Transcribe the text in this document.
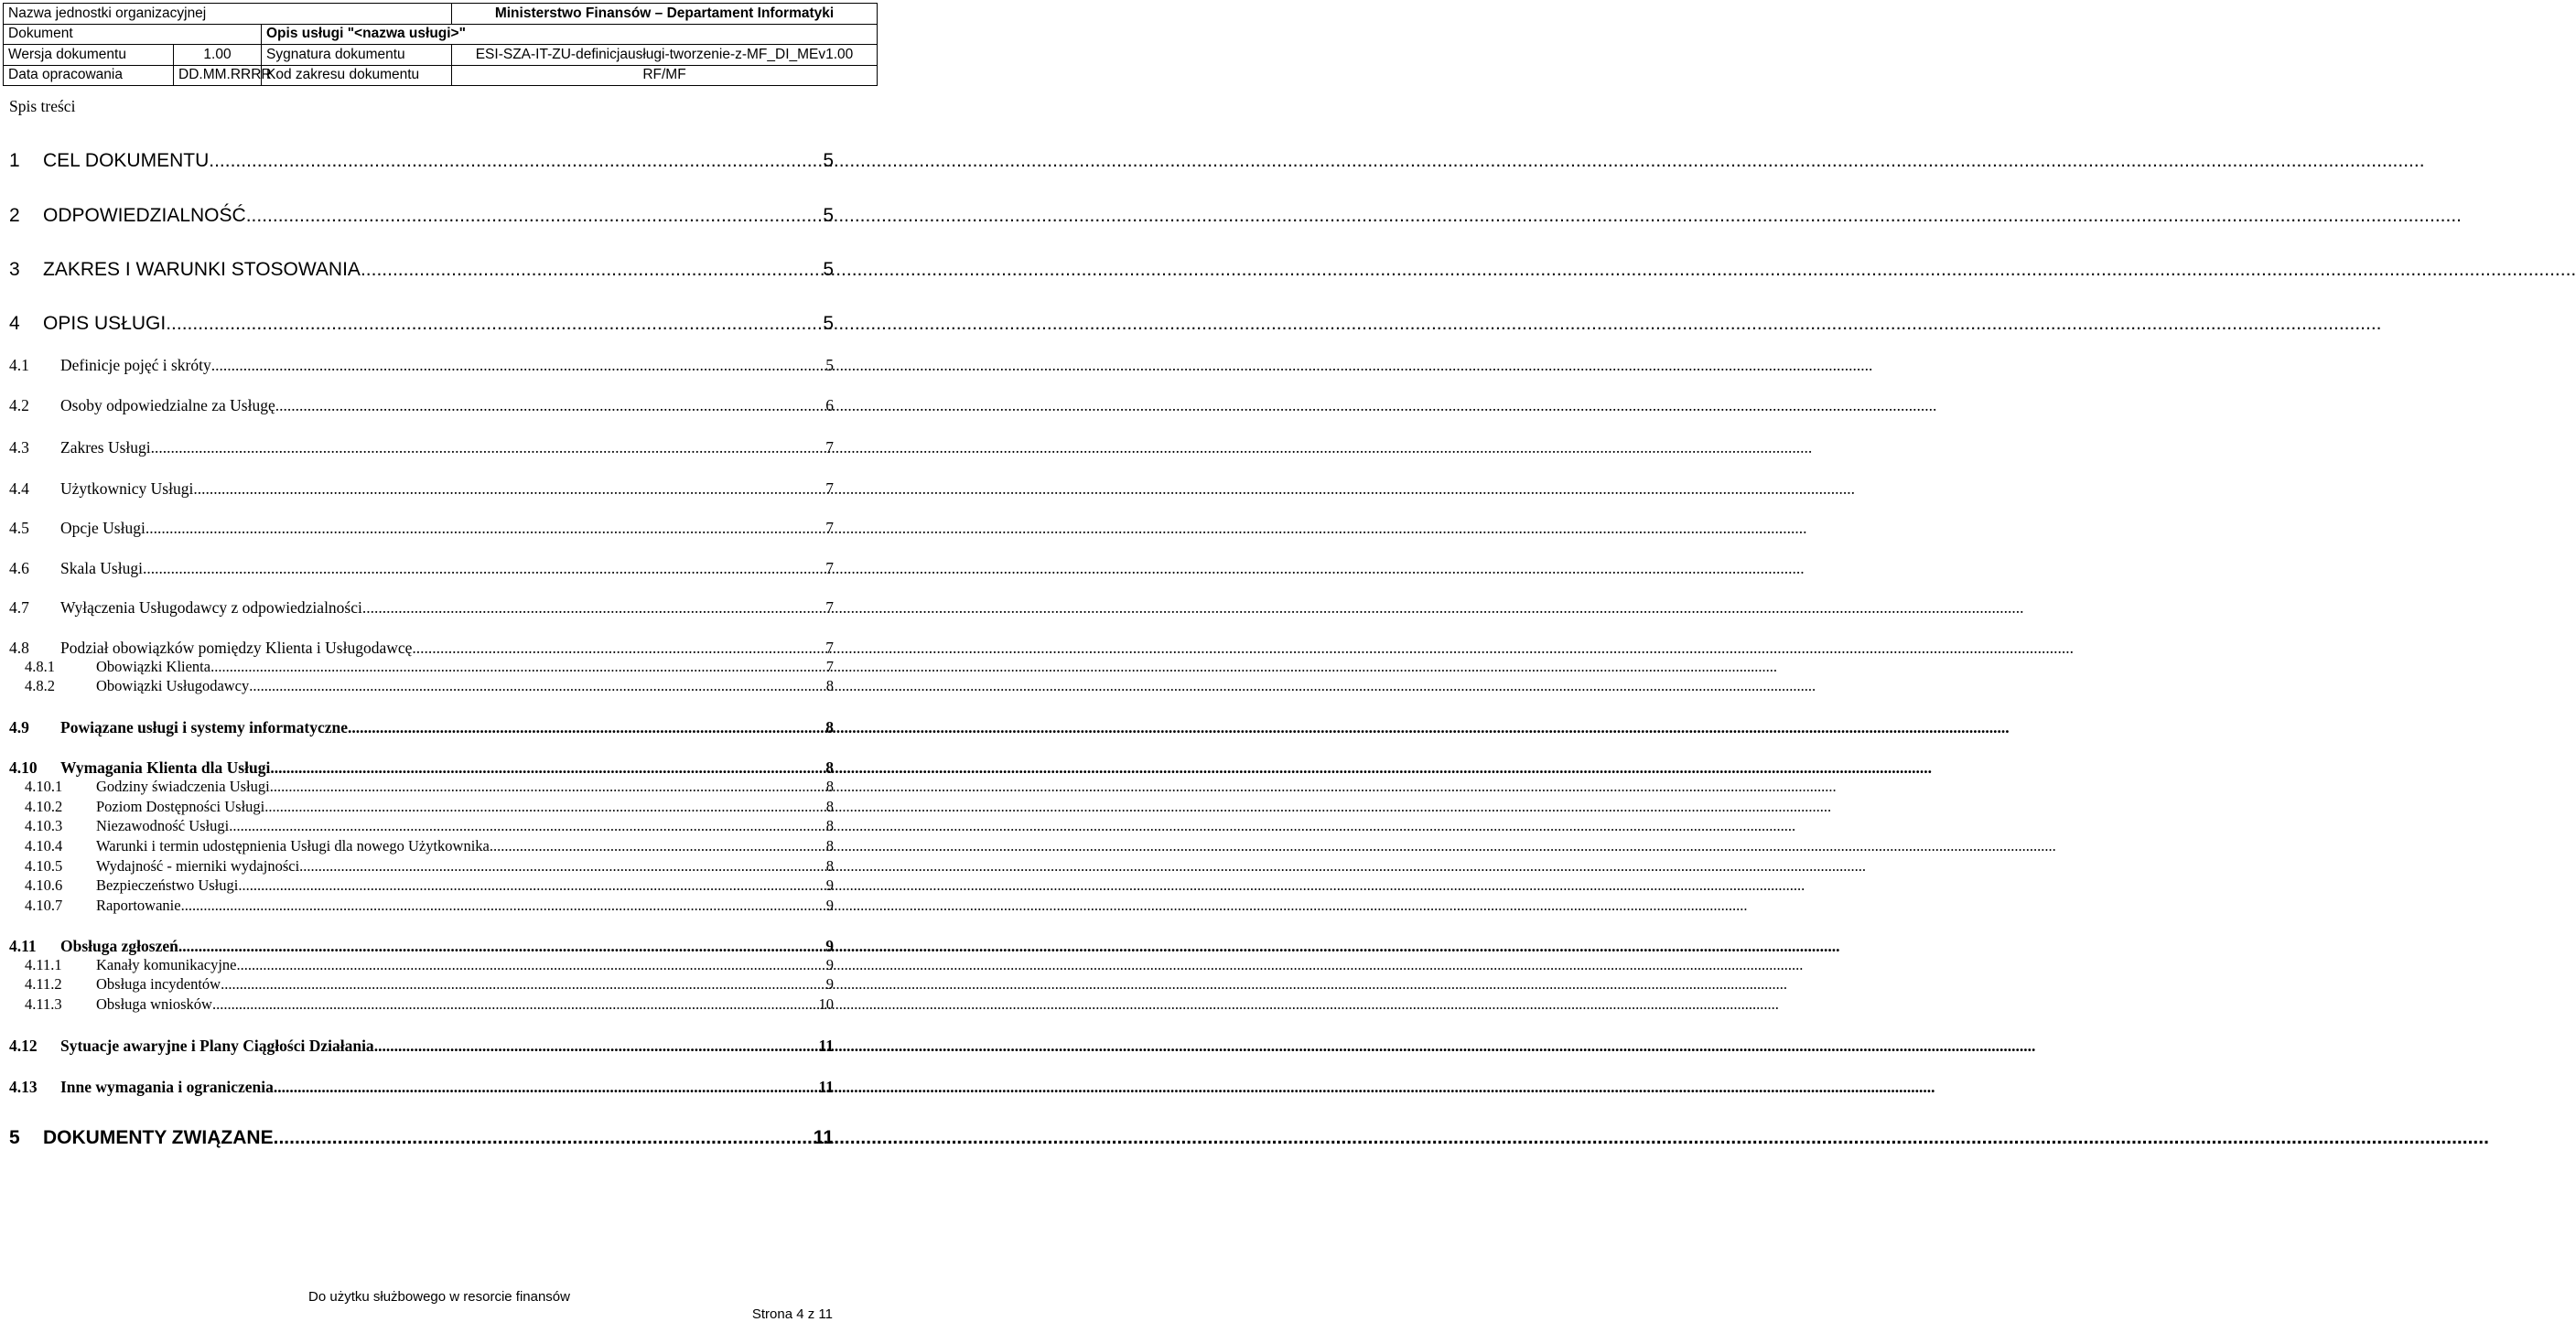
Nazwa jednostki organizacyjnej			Ministerstwo Finansów – Departament Informatyki
Dokument		Opis usługi "<nazwa usługi>"	
Wersja dokumentu	1.00	Sygnatura dokumentu	ESI-SZA-IT-ZU-definicjausługi-tworzenie-z-MF_DI_MEv1.00
Data opracowania	DD.MM.RRRR	Kod zakresu dokumentu	RF/MF
Spis treści
1	CEL DOKUMENTU .....	5
2	ODPOWIEDZIALNOŚĆ .....	5
3	ZAKRES I WARUNKI STOSOWANIA .....	5
4	OPIS USŁUGI .....	5
4.1	Definicje pojęć i skróty .....	5
4.2	Osoby odpowiedzialne za Usługę .....	6
4.3	Zakres Usługi .....	7
4.4	Użytkownicy Usługi .....	7
4.5	Opcje Usługi .....	7
4.6	Skala Usługi .....	7
4.7	Wyłączenia Usługodawcy z odpowiedzialności .....	7
4.8	Podział obowiązków pomiędzy Klienta i Usługodawcę .....	7
4.8.1	Obowiązki Klienta .....	7
4.8.2	Obowiązki Usługodawcy .....	8
4.9	Powiązane usługi i systemy informatyczne .....	8
4.10	Wymagania Klienta dla Usługi .....	8
4.10.1	Godziny świadczenia Usługi .....	8
4.10.2	Poziom Dostępności Usługi .....	8
4.10.3	Niezawodność Usługi .....	8
4.10.4	Warunki i termin udostępnienia Usługi dla nowego Użytkownika .....	8
4.10.5	Wydajność - mierniki wydajności .....	8
4.10.6	Bezpieczeństwo Usługi .....	9
4.10.7	Raportowanie .....	9
4.11	Obsługa zgłoszeń .....	9
4.11.1	Kanały komunikacyjne .....	9
4.11.2	Obsługa incydentów .....	9
4.11.3	Obsługa wniosków .....	10
4.12	Sytuacje awaryjne i Plany Ciągłości Działania .....	11
4.13	Inne wymagania i ograniczenia .....	11
5	DOKUMENTY ZWIĄZANE .....	11
Do użytku służbowego w resorcie finansów
Strona 4 z 11
